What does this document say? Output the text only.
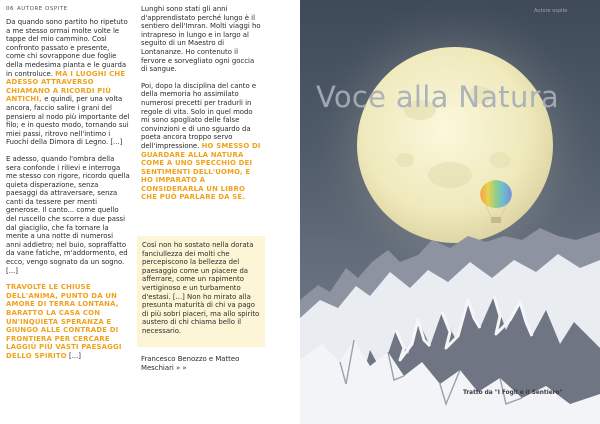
06 AUTORE OSPITE

Da quando sono partito ho ripetuto a me stesso ormai molte volte le tappe del mio cammino. Così confronto passato e presente, come chi sovrappone due foglie della medesima pianta e le guarda in controluce. MÀ I LUOGHI CHE ADESSO ATTRAVERSO CHIAMANO A RICORDI PIÙ ANTICHI, e quindi, per una volta ancora, faccio salire i grani del pensiero al nodo più importante del filo; e in questo modo, tornando sui miei passi, ritrovo nell'intimo i Fuochi della Dimora di Legno. [...]

E adesso, quando l'ombra della sera confonde i rilievi e interroga me stesso con rigore, ricordo quella quieta disperazione, senza paesaggi da attraversare, senza canti da tessere per menti generose. Il canto... come quello del ruscello che scorre a due passi dal giaciglio, che fa tornare la mente a una notte di numerosi anni addietro; nel buio, sopraffatto da vane fatiche, m'addormento, ed ecco, vengo sognato da un sogno. [...]

TRAVOLTE LE CHIUSE DELL'ANIMA, PUNTO DA UN AMORE DI TERRA LONTANA, BARATTO LA CASA CON UN'INQUIETA SPERANZA E GIUNGO ALLE CONTRADE DI FRONTIERA PER CERCARE LAGGIÙ PIÙ VASTI PAESAGGI DELLO SPIRITO [...]

Lunghi sono stati gli anni d'apprendistato perché lungo è il sentiero dell'Imran. Molti viaggi ho intrapreso in lungo e in largo al seguito di un Maestro di Lontananze. Ho contenuto il fervore e sorvegliato ogni goccia di sangue.

Poi, dopo la disciplina del canto e della memoria ho assimilato numerosi precetti per tradurli in regole di vita. Solo in quel modo mi sono spogliato delle false convinzioni e di uno sguardo da poeta ancora troppo servo dell'impressione. HO SMESSO DI GUARDARE ALLA NATURA COME A UNO SPECCHIO DEI SENTIMENTI DELL'UOMO, E HO IMPARATO A CONSIDERARLA UN LIBRO CHE PUÒ PARLARE DA SÉ.

Così non ho sostato nella dorata fanciullezza dei molti che percepiscono la bellezza del paesaggio come un piacere da afferrare, come un rapimento vertiginoso e un turbamento d'estasi. [...] Non ho mirato alla presunta maturità di chi va pago di più sobri piaceri, ma allo spirito austero di chi chiama bello il necessario.
Francesco Benozzo e Matteo Meschiari » »
Autore ospite
Voce alla Natura
Tratto da "I Fogli e il Sentiero"
